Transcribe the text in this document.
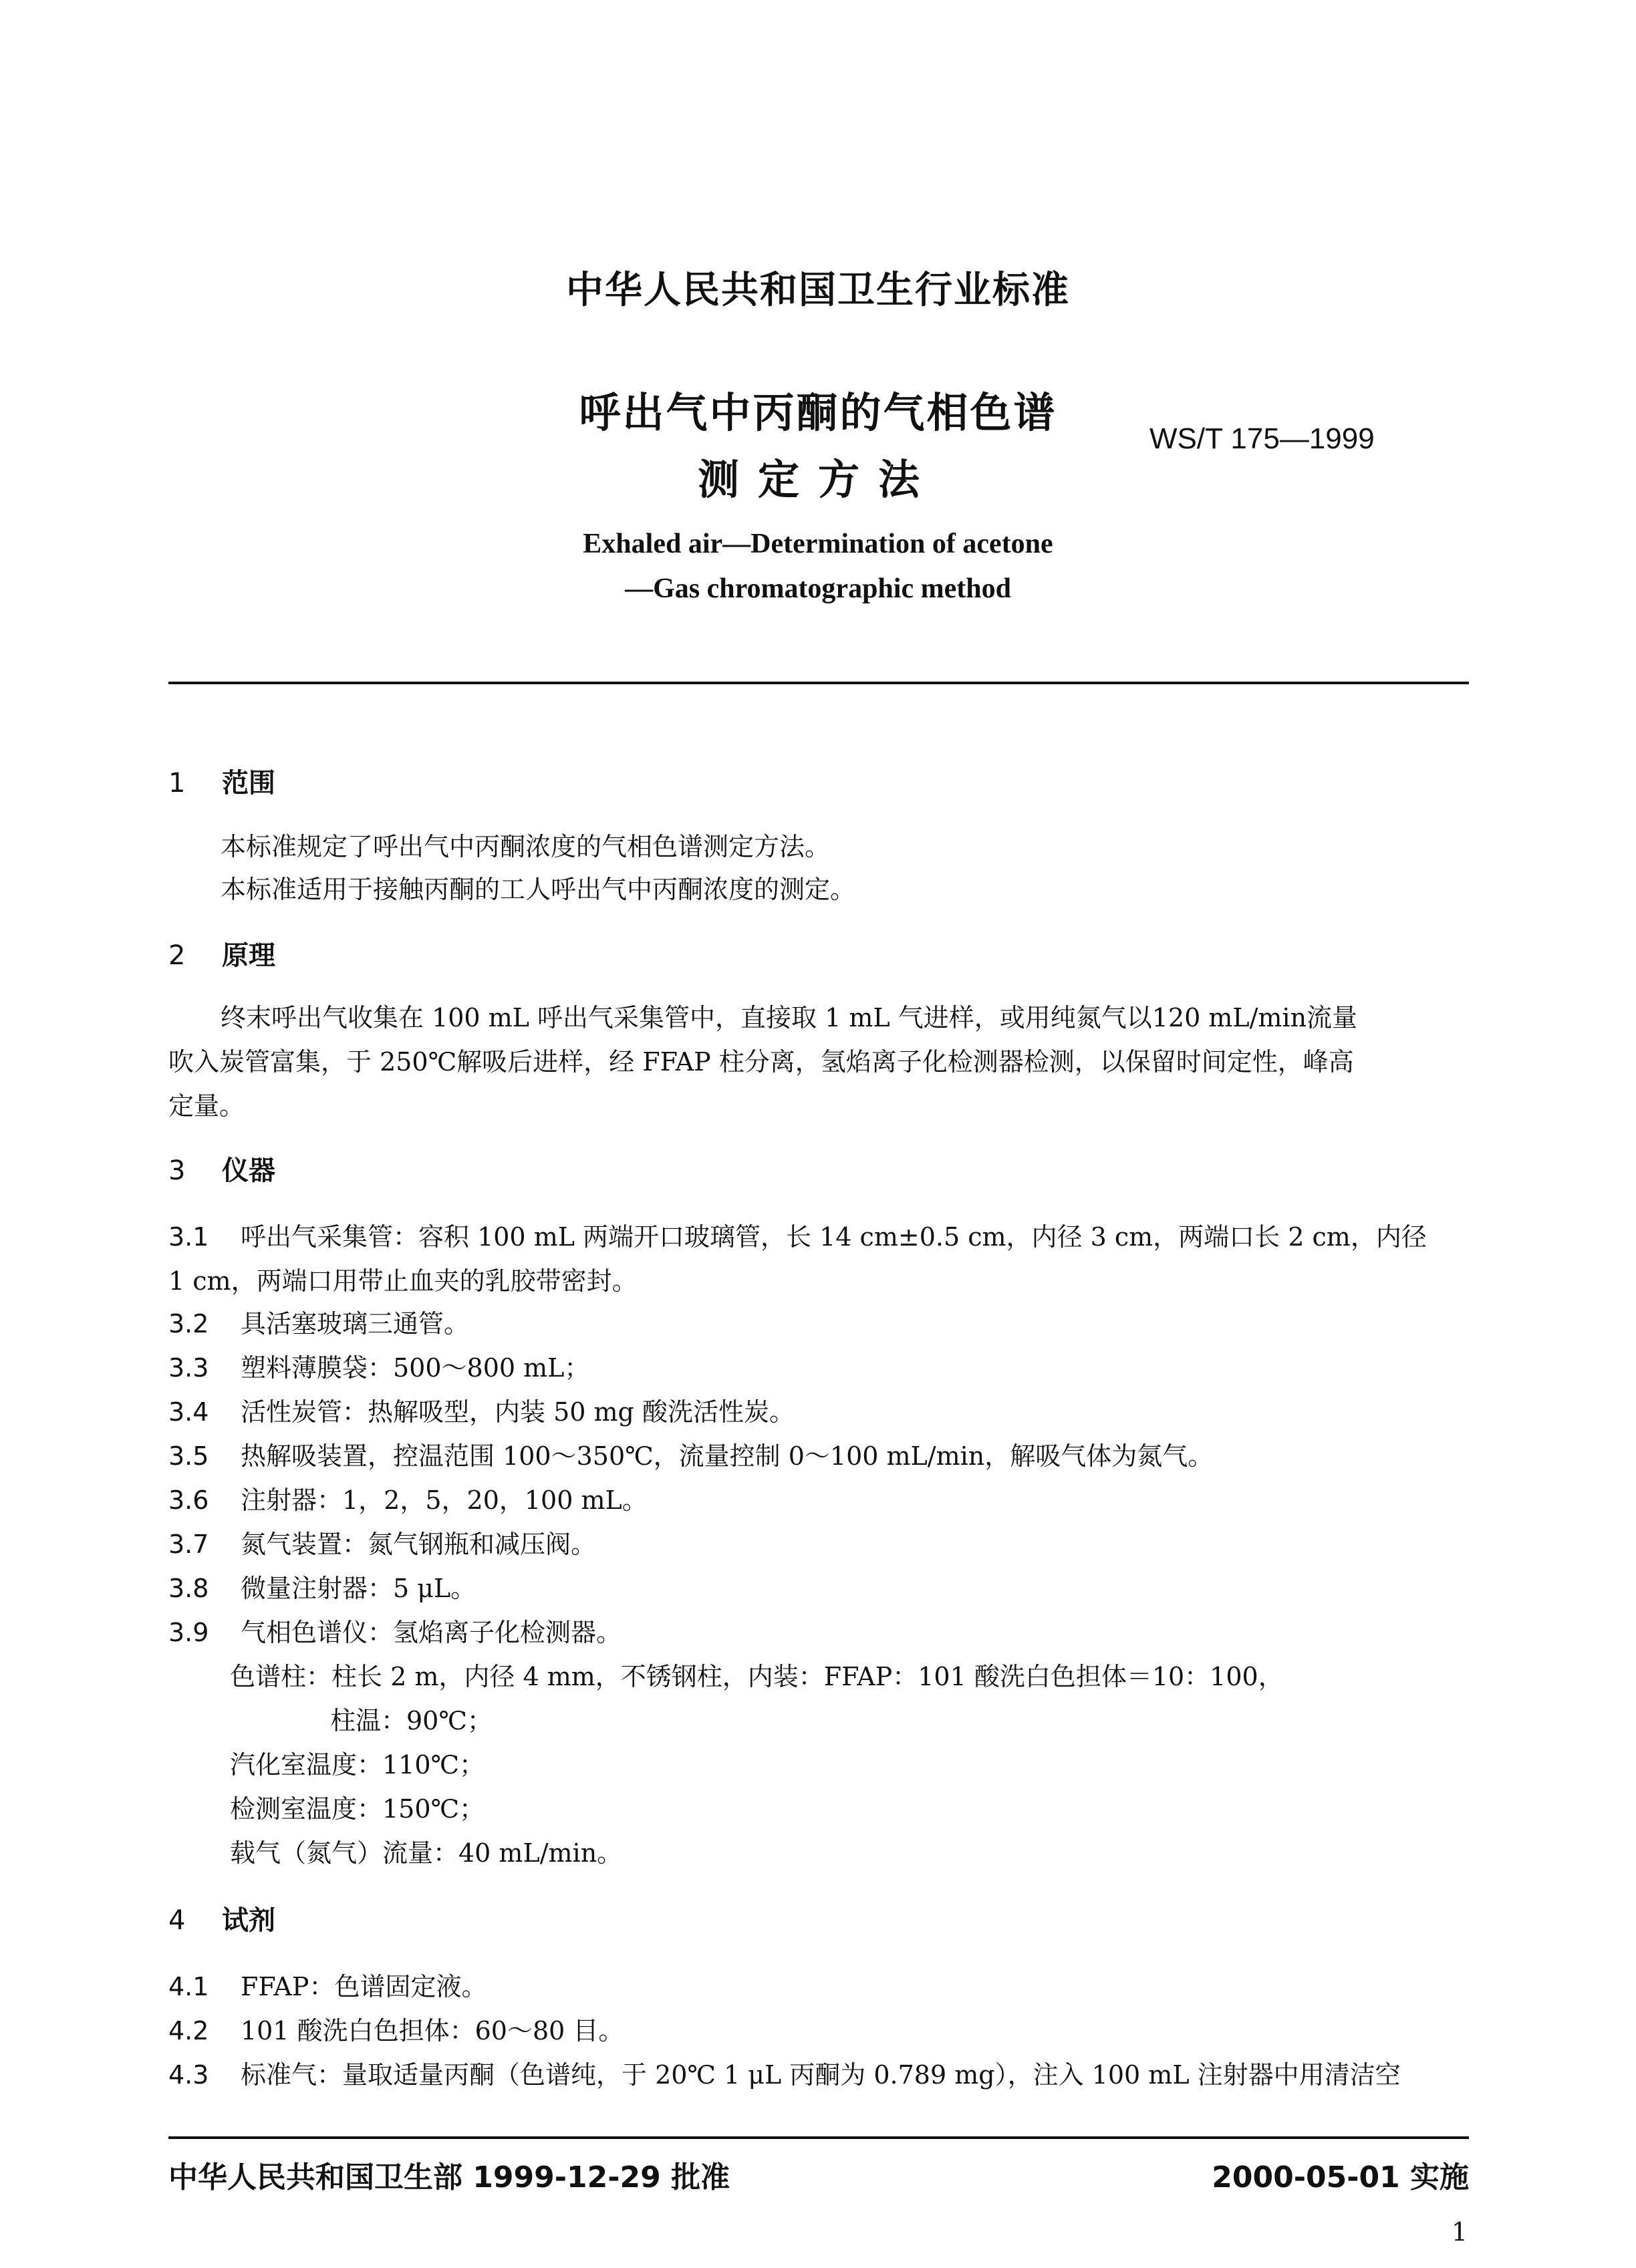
中华人民共和国卫生行业标准
呼出气中丙酮的气相色谱
测定方法
WS/T 175—1999
Exhaled air—Determination of acetone
—Gas chromatographic method
1 范围
本标准规定了呼出气中丙酮浓度的气相色谱测定方法。
本标准适用于接触丙酮的工人呼出气中丙酮浓度的测定。
2 原理
终末呼出气收集在 100 mL 呼出气采集管中，直接取 1 mL 气进样，或用纯氮气以120 mL/min流量
吹入炭管富集，于 250℃解吸后进样，经 FFAP 柱分离，氢焰离子化检测器检测，以保留时间定性，峰高
定量。
3 仪器
3.1 呼出气采集管：容积 100 mL 两端开口玻璃管，长 14 cm±0.5 cm，内径 3 cm，两端口长 2 cm，内径
1 cm，两端口用带止血夹的乳胶带密封。
3.2 具活塞玻璃三通管。
3.3 塑料薄膜袋：500～800 mL；
3.4 活性炭管：热解吸型，内装 50 mg 酸洗活性炭。
3.5 热解吸装置，控温范围 100～350℃，流量控制 0～100 mL/min，解吸气体为氮气。
3.6 注射器：1，2，5，20，100 mL。
3.7 氮气装置：氮气钢瓶和减压阀。
3.8 微量注射器：5 μL。
3.9 气相色谱仪：氢焰离子化检测器。
色谱柱：柱长 2 m，内径 4 mm，不锈钢柱，内装：FFAP：101 酸洗白色担体＝10：100，
柱温：90℃；
汽化室温度：110℃；
检测室温度：150℃；
载气（氮气）流量：40 mL/min。
4 试剂
4.1 FFAP：色谱固定液。
4.2 101 酸洗白色担体：60～80 目。
4.3 标准气：量取适量丙酮（色谱纯，于 20℃ 1 μL 丙酮为 0.789 mg），注入 100 mL 注射器中用清洁空
中华人民共和国卫生部 1999-12-29 批准	2000-05-01 实施
1
